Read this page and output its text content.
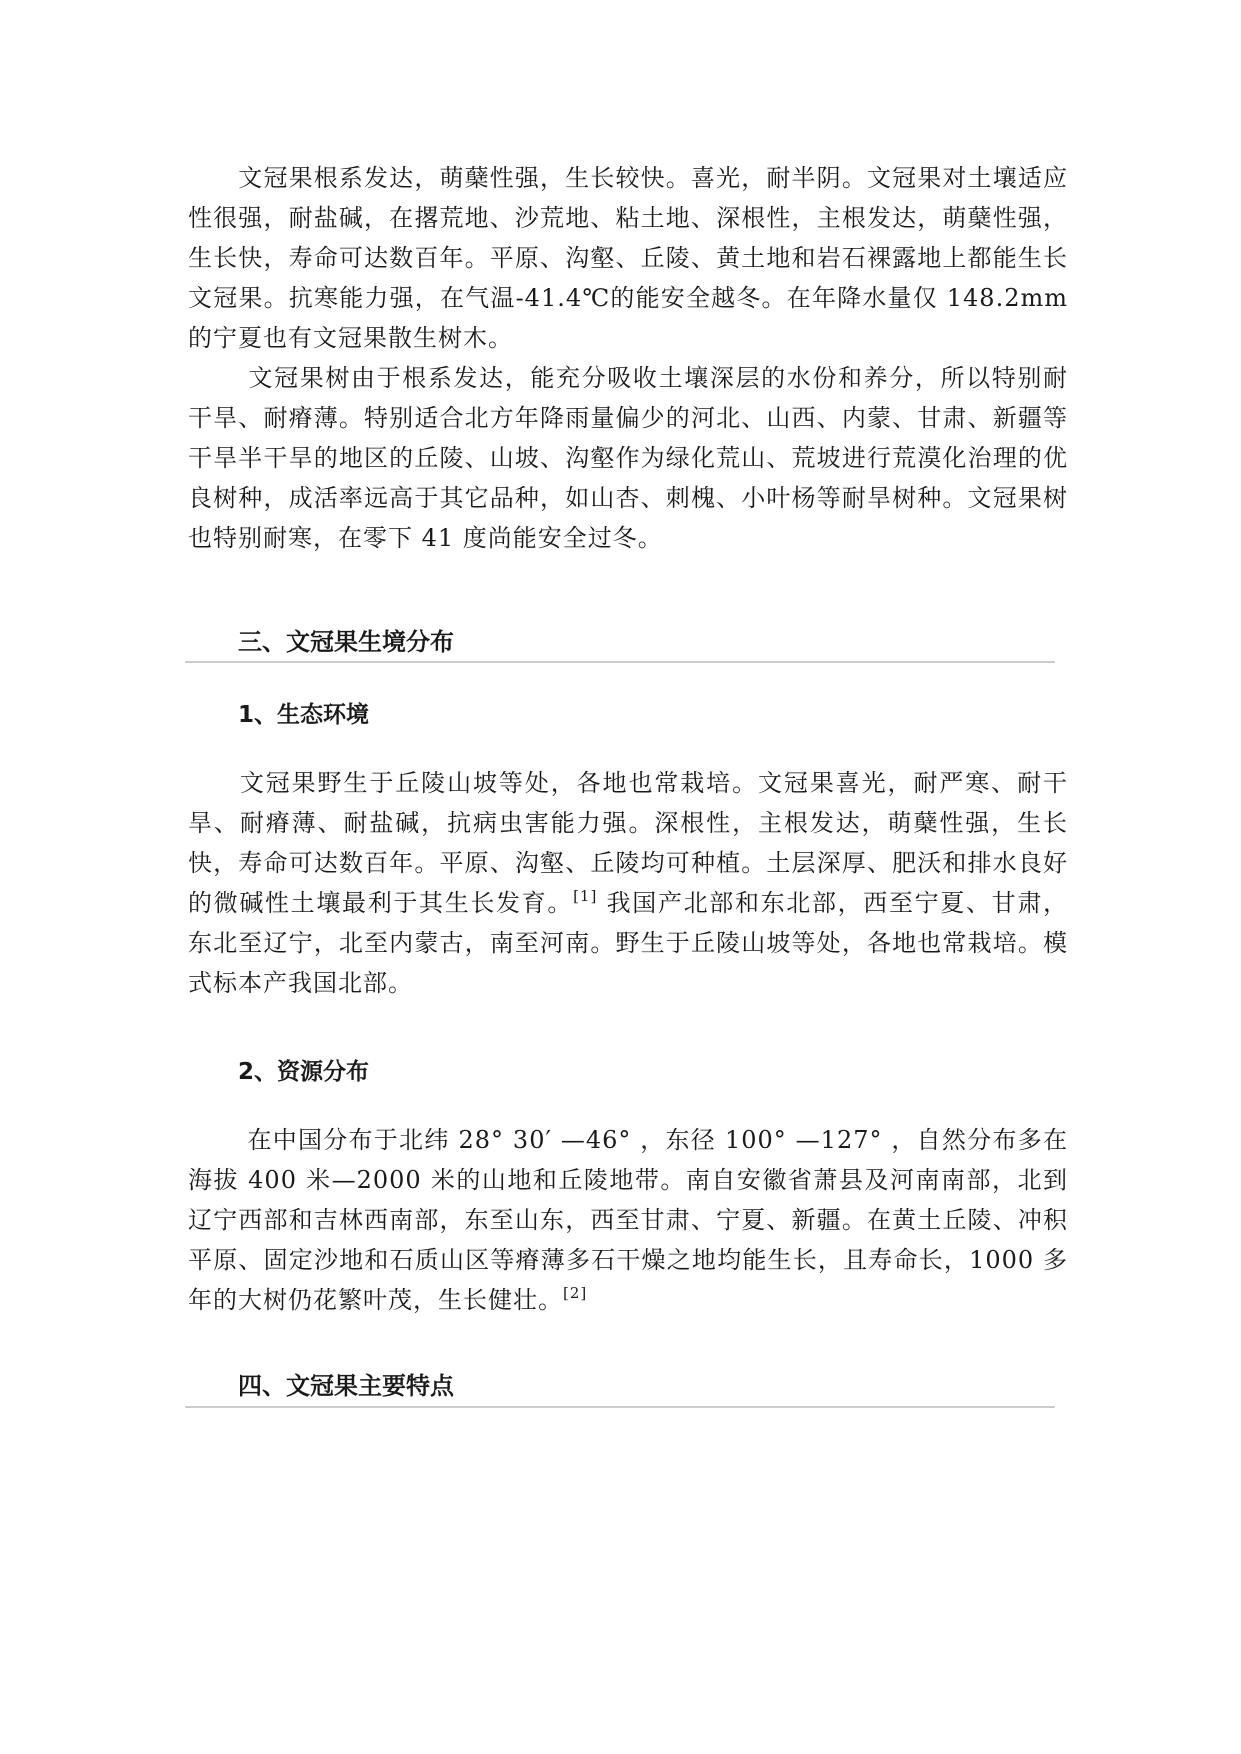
　　文冠果根系发达，萌蘖性强，生长较快。喜光，耐半阴。文冠果对土壤适应性很强，耐盐碱，在撂荒地、沙荒地、粘土地、深根性，主根发达，萌蘖性强，生长快，寿命可达数百年。平原、沟壑、丘陵、黄土地和岩石裸露地上都能生长文冠果。抗寒能力强，在气温-41.4℃的能安全越冬。在年降水量仅 148.2mm 的宁夏也有文冠果散生树木。

　　 文冠果树由于根系发达，能充分吸收土壤深层的水份和养分，所以特别耐干旱、耐瘠薄。特别适合北方年降雨量偏少的河北、山西、内蒙、甘肃、新疆等干旱半干旱的地区的丘陵、山坡、沟壑作为绿化荒山、荒坡进行荒漠化治理的优良树种，成活率远高于其它品种，如山杏、刺槐、小叶杨等耐旱树种。文冠果树也特别耐寒，在零下 41 度尚能安全过冬。

三、文冠果生境分布
1、生态环境

　　文冠果野生于丘陵山坡等处，各地也常栽培。文冠果喜光，耐严寒、耐干旱、耐瘠薄、耐盐碱，抗病虫害能力强。深根性，主根发达，萌蘖性强，生长快，寿命可达数百年。平原、沟壑、丘陵均可种植。土层深厚、肥沃和排水良好的微碱性土壤最利于其生长发育。[1] 我国产北部和东北部，西至宁夏、甘肃，东北至辽宁，北至内蒙古，南至河南。野生于丘陵山坡等处，各地也常栽培。模式标本产我国北部。

2、资源分布

　　 在中国分布于北纬 28° 30′ —46° ，东径 100° —127° ，自然分布多在海拔 400 米—2000 米的山地和丘陵地带。南自安徽省萧县及河南南部，北到辽宁西部和吉林西南部，东至山东，西至甘肃、宁夏、新疆。在黄土丘陵、冲积平原、固定沙地和石质山区等瘠薄多石干燥之地均能生长，且寿命长，1000 多年的大树仍花繁叶茂，生长健壮。[2]

四、文冠果主要特点
